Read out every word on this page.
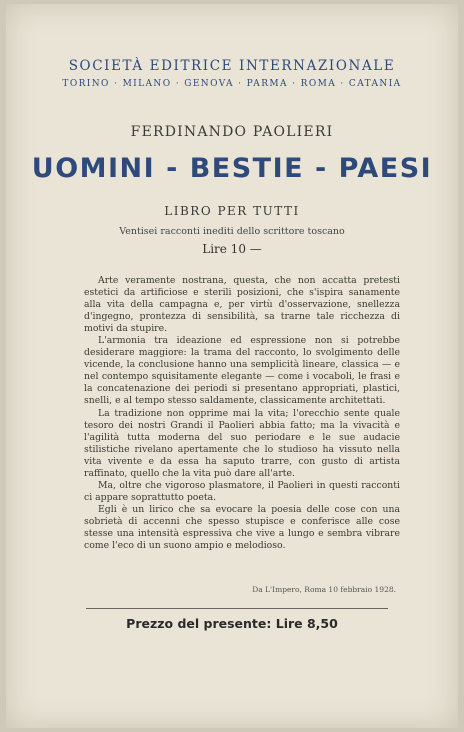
SOCIETÀ EDITRICE INTERNAZIONALE
TORINO · MILANO · GENOVA · PARMA · ROMA · CATANIA
FERDINANDO PAOLIERI
UOMINI - BESTIE - PAESI
LIBRO PER TUTTI
Ventisei racconti inediti dello scrittore toscano
Lire 10 —

Arte veramente nostrana, questa, che non accatta pretesti estetici da artificiose e sterili posizioni, che s'ispira sanamente alla vita della campagna e, per virtù d'osservazione, snellezza d'ingegno, prontezza di sensibilità, sa trarne tale ricchezza di motivi da stupire.

L'armonia tra ideazione ed espressione non si potrebbe desiderare maggiore: la trama del racconto, lo svolgimento delle vicende, la conclusione hanno una semplicità lineare, classica — e nel contempo squisitamente elegante — come i vocaboli, le frasi e la concatenazione dei periodi si presentano appropriati, plastici, snelli, e al tempo stesso saldamente, classicamente architettati.

La tradizione non opprime mai la vita; l'orecchio sente quale tesoro dei nostri Grandi il Paolieri abbia fatto; ma la vivacità e l'agilità tutta moderna del suo periodare e le sue audacie stilistiche rivelano apertamente che lo studioso ha vissuto nella vita vivente e da essa ha saputo trarre, con gusto di artista raffinato, quello che la vita può dare all'arte.

Ma, oltre che vigoroso plasmatore, il Paolieri in questi racconti ci appare soprattutto poeta.

Egli è un lirico che sa evocare la poesia delle cose con una sobrietà di accenni che spesso stupisce e conferisce alle cose stesse una intensità espressiva che vive a lungo e sembra vibrare come l'eco di un suono ampio e melodioso.

Da L'Impero, Roma 10 febbraio 1928.
Prezzo del presente: Lire 8,50
